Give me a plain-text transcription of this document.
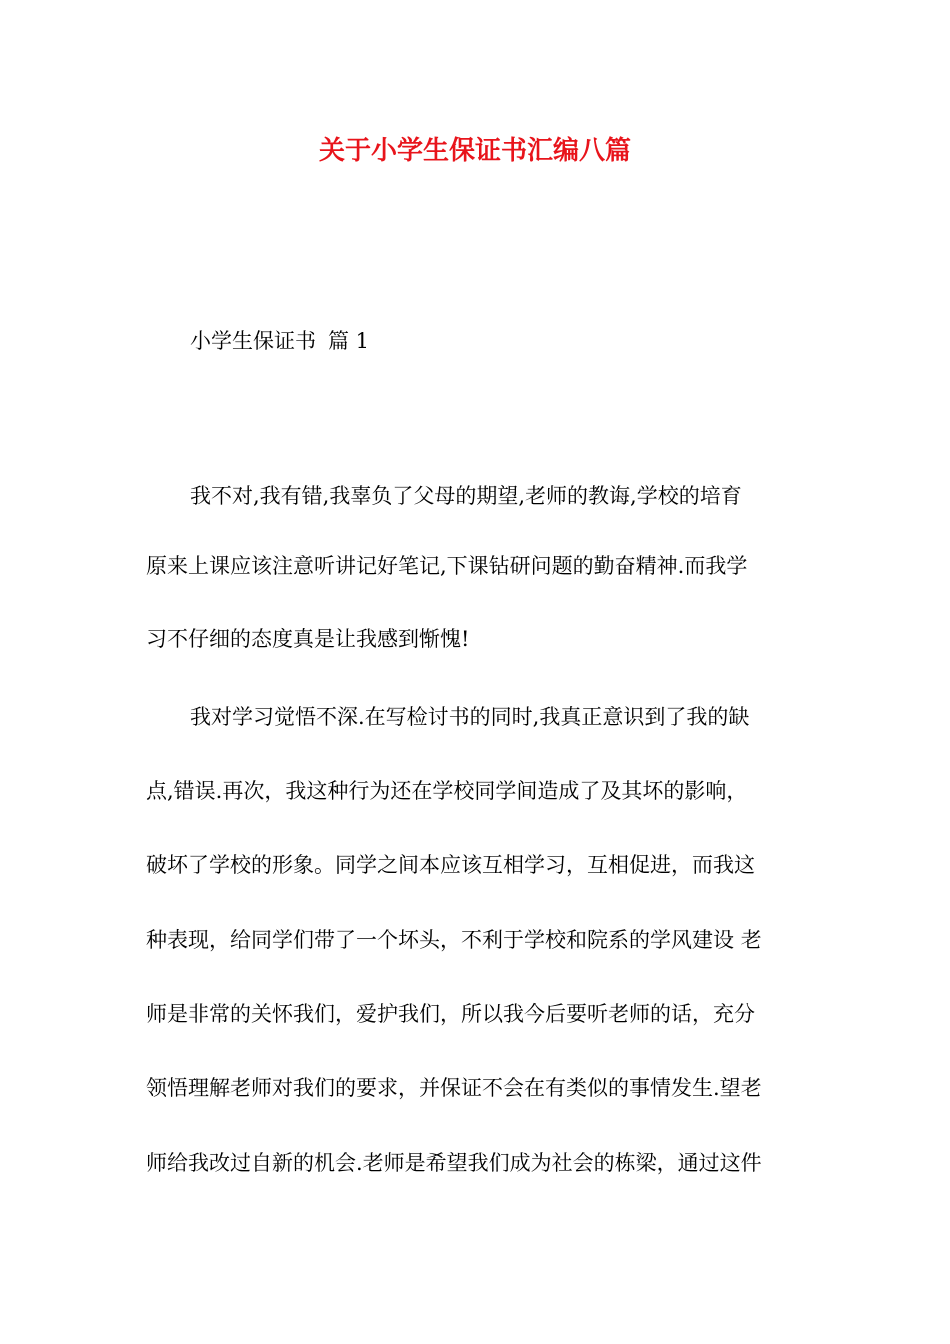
关于小学生保证书汇编八篇
小学生保证书 篇 1

我不对,我有错,我辜负了父母的期望,老师的教诲,学校的培育

原来上课应该注意听讲记好笔记,下课钻研问题的勤奋精神.而我学

习不仔细的态度真是让我感到惭愧!

我对学习觉悟不深.在写检讨书的同时,我真正意识到了我的缺

点,错误.再次，我这种行为还在学校同学间造成了及其坏的影响，

破坏了学校的形象。同学之间本应该互相学习，互相促进，而我这

种表现，给同学们带了一个坏头，不利于学校和院系的学风建设 老

师是非常的关怀我们，爱护我们，所以我今后要听老师的话，充分

领悟理解老师对我们的要求，并保证不会在有类似的事情发生.望老

师给我改过自新的机会.老师是希望我们成为社会的栋梁，通过这件
